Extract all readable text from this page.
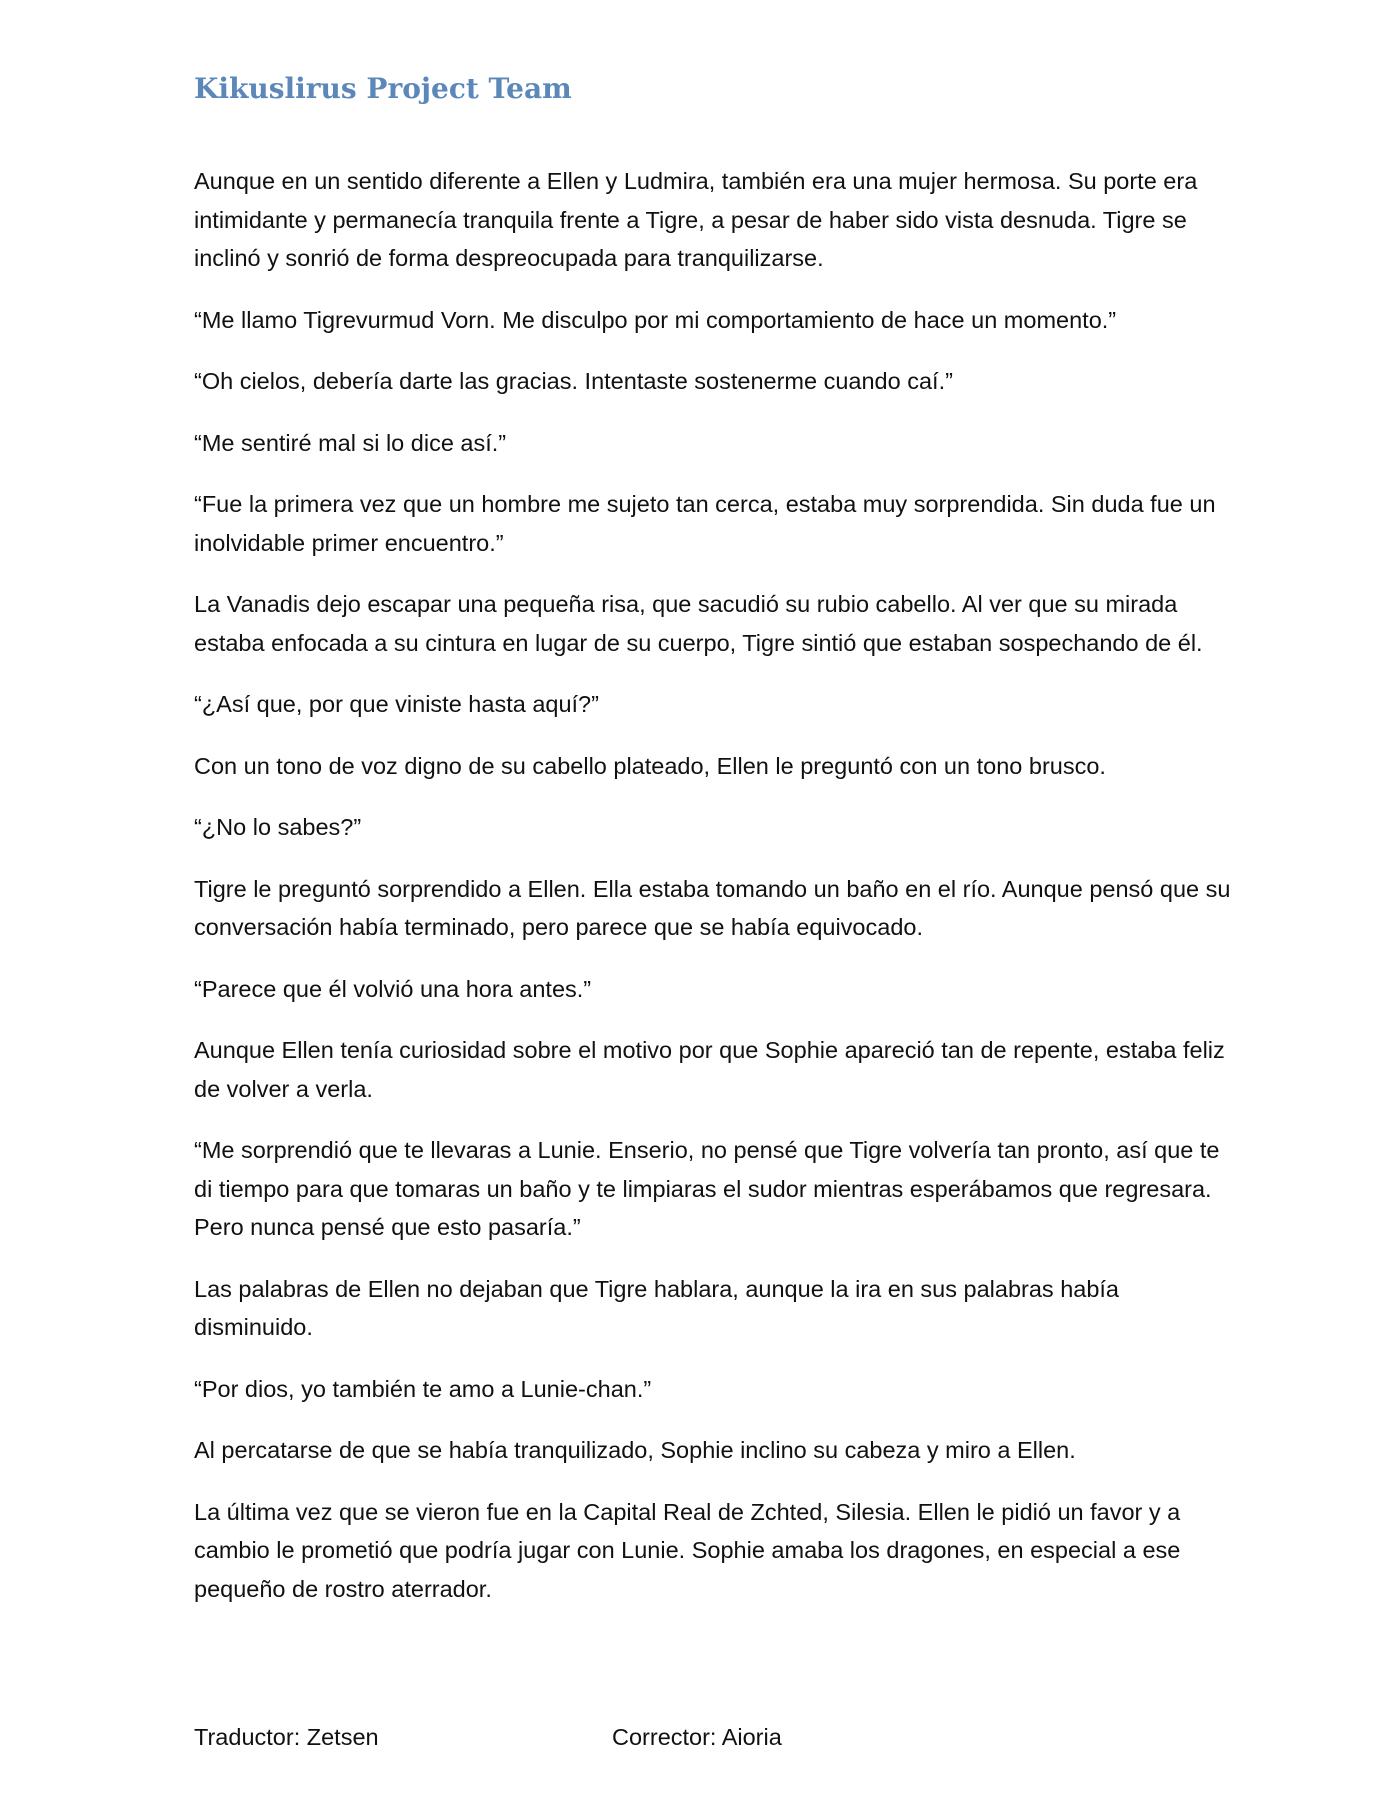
Kikuslirus Project Team

Aunque en un sentido diferente a Ellen y Ludmira, también era una mujer hermosa. Su porte era intimidante y permanecía tranquila frente a Tigre, a pesar de haber sido vista desnuda. Tigre se inclinó y sonrió de forma despreocupada para tranquilizarse.

“Me llamo Tigrevurmud Vorn. Me disculpo por mi comportamiento de hace un momento.”

“Oh cielos, debería darte las gracias. Intentaste sostenerme cuando caí.”

“Me sentiré mal si lo dice así.”

“Fue la primera vez que un hombre me sujeto tan cerca, estaba muy sorprendida. Sin duda fue un inolvidable primer encuentro.”

La Vanadis dejo escapar una pequeña risa, que sacudió su rubio cabello. Al ver que su mirada estaba enfocada a su cintura en lugar de su cuerpo, Tigre sintió que estaban sospechando de él.

“¿Así que, por que viniste hasta aquí?”

Con un tono de voz digno de su cabello plateado, Ellen le preguntó con un tono brusco.

“¿No lo sabes?”

Tigre le preguntó sorprendido a Ellen. Ella estaba tomando un baño en el río. Aunque pensó que su conversación había terminado, pero parece que se había equivocado.

“Parece que él volvió una hora antes.”

Aunque Ellen tenía curiosidad sobre el motivo por que Sophie apareció tan de repente, estaba feliz de volver a verla.

“Me sorprendió que te llevaras a Lunie. Enserio, no pensé que Tigre volvería tan pronto, así que te di tiempo para que tomaras un baño y te limpiaras el sudor mientras esperábamos que regresara. Pero nunca pensé que esto pasaría.”

Las palabras de Ellen no dejaban que Tigre hablara, aunque la ira en sus palabras había disminuido.

“Por dios, yo también te amo a Lunie-chan.”

Al percatarse de que se había tranquilizado, Sophie inclino su cabeza y miro a Ellen.

La última vez que se vieron fue en la Capital Real de Zchted, Silesia. Ellen le pidió un favor y a cambio le prometió que podría jugar con Lunie. Sophie amaba los dragones, en especial a ese pequeño de rostro aterrador.

Traductor: Zetsen	Corrector: Aioria
